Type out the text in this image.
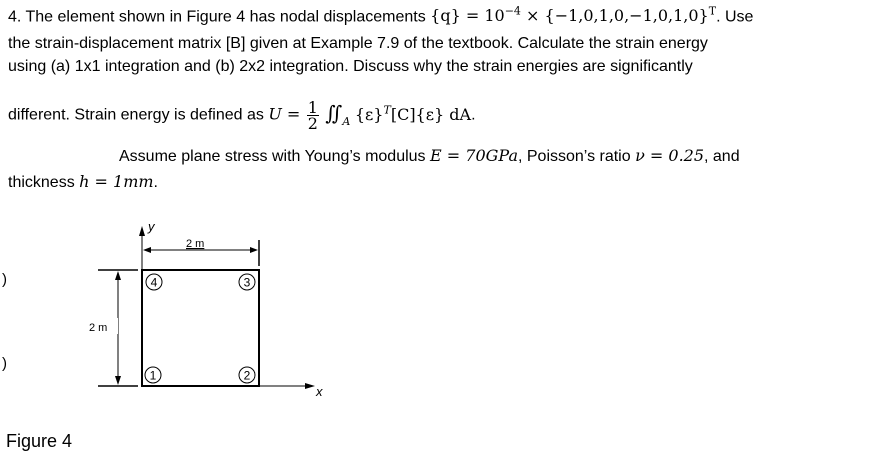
4. The element shown in Figure 4 has nodal displacements $\{q\} = 10^{-4} \times \{-1,0,1,0,-1,0,1,0\}^T$. Use
the strain-displacement matrix [B] given at Example 7.9 of the textbook. Calculate the strain energy
using (a) 1x1 integration and (b) 2x2 integration. Discuss why the strain energies are significantly
different. Strain energy is defined as $U = \frac{1}{2}$ $∬_A$ $\{\varepsilon\}^T[C]\{\varepsilon\}$ dA.
Assume plane stress with Young’s modulus E = 70GPa, Poisson’s ratio ν = 0.25, and
thickness h = 1mm.
)
)
y
x
2 m
2 m
1	2
3
4
Figure 4
